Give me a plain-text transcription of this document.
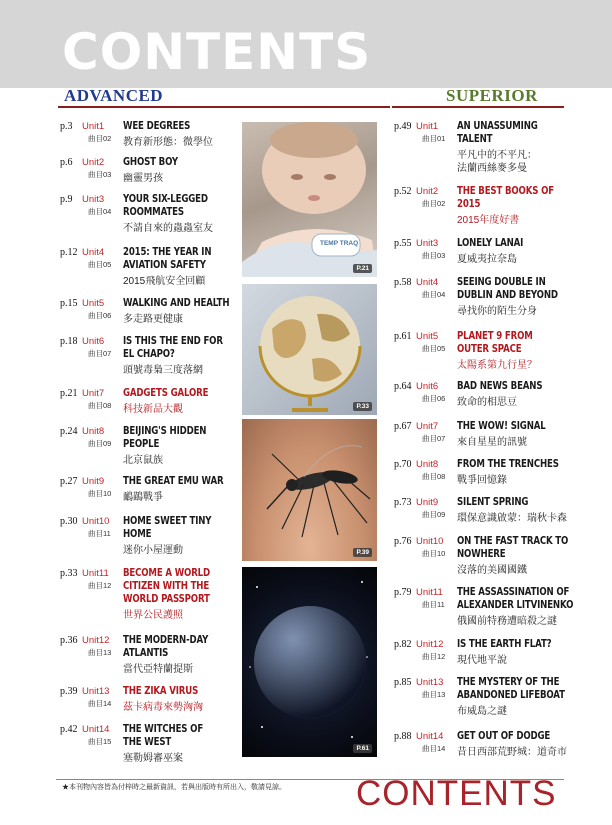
CONTENTS
ADVANCED	SUPERIOR
p.3 Unit1
曲目02
WEE DEGREES
教育新形態：微學位
p.6 Unit2
曲目03
GHOST BOY
幽靈男孩
p.9 Unit3
曲目04
YOUR SIX-LEGGED
ROOMMATES
不請自來的蟲蟲室友
p.12 Unit4
曲目05
2015: THE YEAR IN
AVIATION SAFETY
2015飛航安全回顧
p.15 Unit5
曲目06
WALKING AND HEALTH
多走路更健康
p.18 Unit6
曲目07
IS THIS THE END FOR
EL CHAPO?
頭號毒梟三度落網
p.21 Unit7
曲目08
GADGETS GALORE
科技新品大觀
p.24 Unit8
曲目09
BEIJING'S HIDDEN
PEOPLE
北京鼠族
p.27 Unit9
曲目10
THE GREAT EMU WAR
鴯鶓戰爭
p.30 Unit10
曲目11
HOME SWEET TINY
HOME
迷你小屋運動
p.33 Unit11
曲目12
BECOME A WORLD
CITIZEN WITH THE
WORLD PASSPORT
世界公民護照
p.36 Unit12
曲目13
THE MODERN-DAY
ATLANTIS
當代亞特蘭提斯
p.39 Unit13
曲目14
THE ZIKA VIRUS
茲卡病毒來勢洶洶
p.42 Unit14
曲目15
THE WITCHES OF
THE WEST
塞勒姆審巫案
p.49 Unit1
曲目01
AN UNASSUMING
TALENT
平凡中的不平凡：
法蘭西絲麥多曼
p.52 Unit2
曲目02
THE BEST BOOKS OF
2015
2015年度好書
p.55 Unit3
曲目03
LONELY LANAI
夏威夷拉奈島
p.58 Unit4
曲目04
SEEING DOUBLE IN
DUBLIN AND BEYOND
尋找你的陌生分身
p.61 Unit5
曲目05
PLANET 9 FROM
OUTER SPACE
太陽系第九行星？
p.64 Unit6
曲目06
BAD NEWS BEANS
致命的相思豆
p.67 Unit7
曲目07
THE WOW! SIGNAL
來自星星的訊號
p.70 Unit8
曲目08
FROM THE TRENCHES
戰爭回憶錄
p.73 Unit9
曲目09
SILENT SPRING
環保意識啟蒙：瑞秋卡森
p.76 Unit10
曲目10
ON THE FAST TRACK TO
NOWHERE
沒落的美國國鐵
p.79 Unit11
曲目11
THE ASSASSINATION OF
ALEXANDER LITVINENKO
俄國前特務遭暗殺之謎
p.82 Unit12
曲目12
IS THE EARTH FLAT?
現代地平說
p.85 Unit13
曲目13
THE MYSTERY OF THE
ABANDONED LIFEBOAT
布威島之謎
p.88 Unit14
曲目14
GET OUT OF DODGE
昔日西部荒野城：道奇市
TEMP TRAQ
P.21
P.33
P.39
P.61
★本刊物內容皆為付梓時之最新資訊，若與出版時有所出入，敬請見諒。 CONTENTS
